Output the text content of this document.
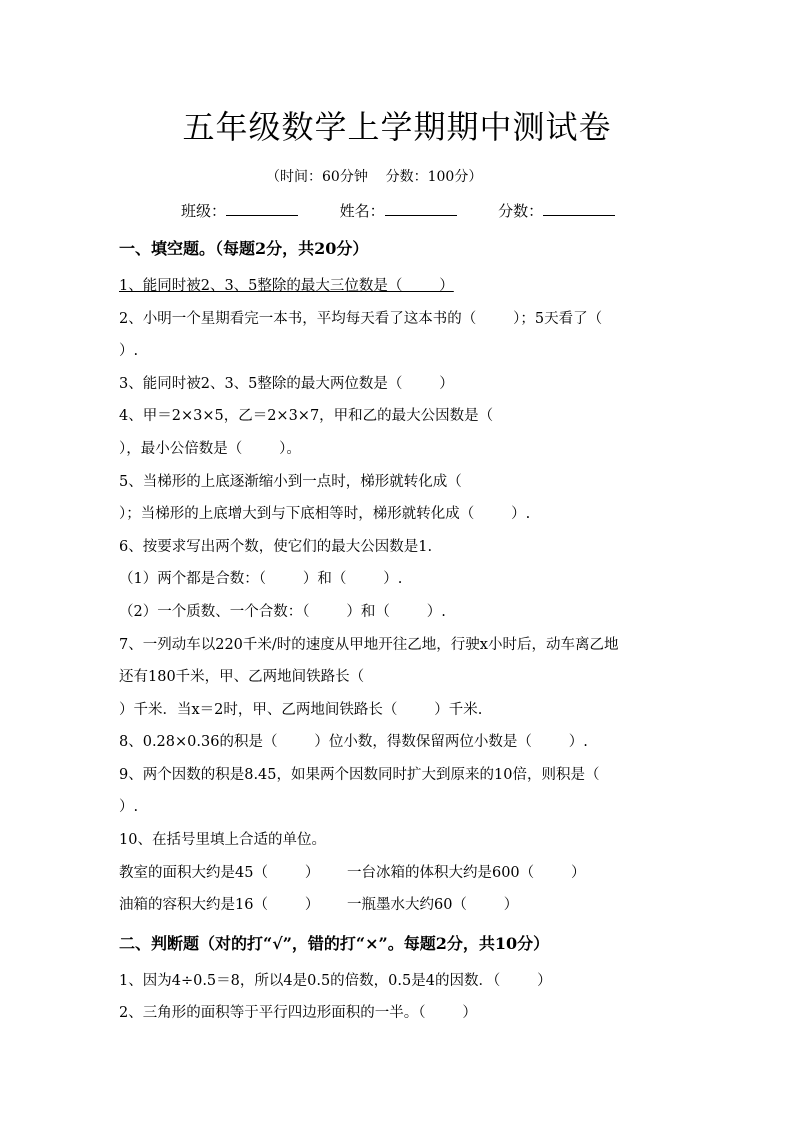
五年级数学上学期期中测试卷
（时间：60分钟    分数：100分）
班级：	姓名：	分数：
一、填空题。（每题2分，共20分）
1、能同时被2、3、5整除的最大三位数是（        ）
2、小明一个星期看完一本书，平均每天看了这本书的（        ）；5天看了（
）.
3、能同时被2、3、5整除的最大两位数是（        ）
4、甲＝2×3×5，乙＝2×3×7，甲和乙的最大公因数是（
），最小公倍数是（        ）。
5、当梯形的上底逐渐缩小到一点时，梯形就转化成（
）；当梯形的上底增大到与下底相等时，梯形就转化成（        ）.
6、按要求写出两个数，使它们的最大公因数是1.
（1）两个都是合数：（        ）和（        ）.
（2）一个质数、一个合数：（        ）和（        ）.
7、一列动车以220千米/时的速度从甲地开往乙地，行驶x小时后，动车离乙地
还有180千米，甲、乙两地间铁路长（
）千米．当x＝2时，甲、乙两地间铁路长（        ）千米.
8、0.28×0.36的积是（        ）位小数，得数保留两位小数是（        ）.
9、两个因数的积是8.45，如果两个因数同时扩大到原来的10倍，则积是（
）.
10、在括号里填上合适的单位。
教室的面积大约是45（        ）      一台冰箱的体积大约是600（        ）
油箱的容积大约是16（        ）      一瓶墨水大约60（        ）
二、判断题（对的打“√”，错的打“×”。每题2分，共10分）
1、因为4÷0.5＝8，所以4是0.5的倍数，0.5是4的因数．（        ）
2、三角形的面积等于平行四边形面积的一半。（        ）
